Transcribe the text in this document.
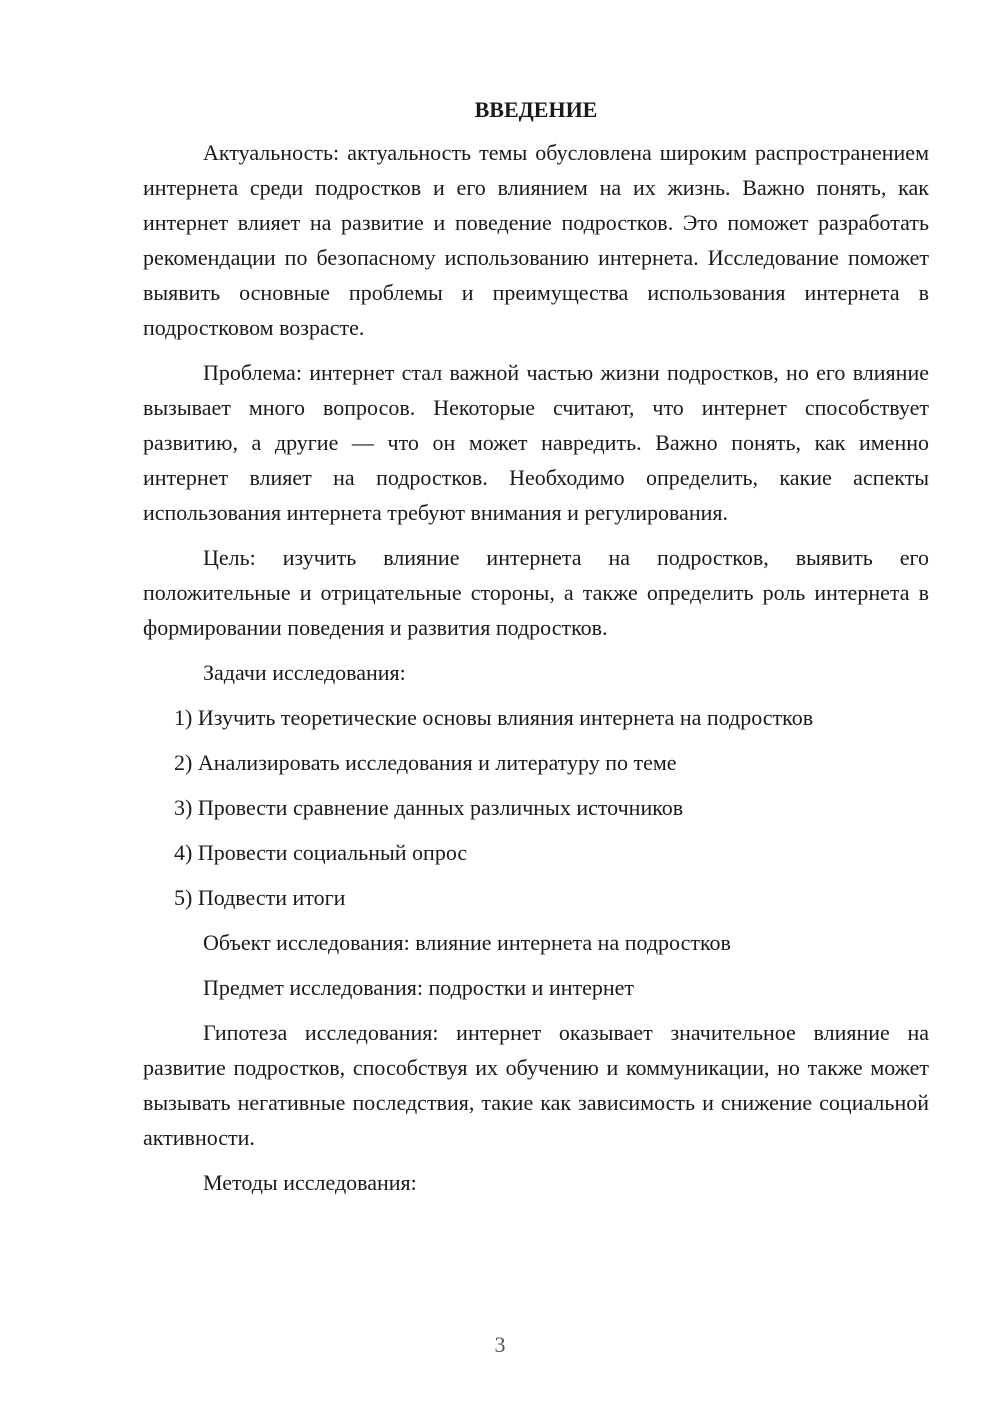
ВВЕДЕНИЕ
Актуальность: актуальность темы обусловлена широким распространением интернета среди подростков и его влиянием на их жизнь. Важно понять, как интернет влияет на развитие и поведение подростков. Это поможет разработать рекомендации по безопасному использованию интернета. Исследование поможет выявить основные проблемы и преимущества использования интернета в подростковом возрасте.
Проблема: интернет стал важной частью жизни подростков, но его влияние вызывает много вопросов. Некоторые считают, что интернет способствует развитию, а другие — что он может навредить. Важно понять, как именно интернет влияет на подростков. Необходимо определить, какие аспекты использования интернета требуют внимания и регулирования.
Цель: изучить влияние интернета на подростков, выявить его положительные и отрицательные стороны, а также определить роль интернета в формировании поведения и развития подростков.
Задачи исследования:
1) Изучить теоретические основы влияния интернета на подростков
2) Анализировать исследования и литературу по теме
3) Провести сравнение данных различных источников
4) Провести социальный опрос
5) Подвести итоги
Объект исследования: влияние интернета на подростков
Предмет исследования: подростки и интернет
Гипотеза исследования: интернет оказывает значительное влияние на развитие подростков, способствуя их обучению и коммуникации, но также может вызывать негативные последствия, такие как зависимость и снижение социальной активности.
Методы исследования:
3
